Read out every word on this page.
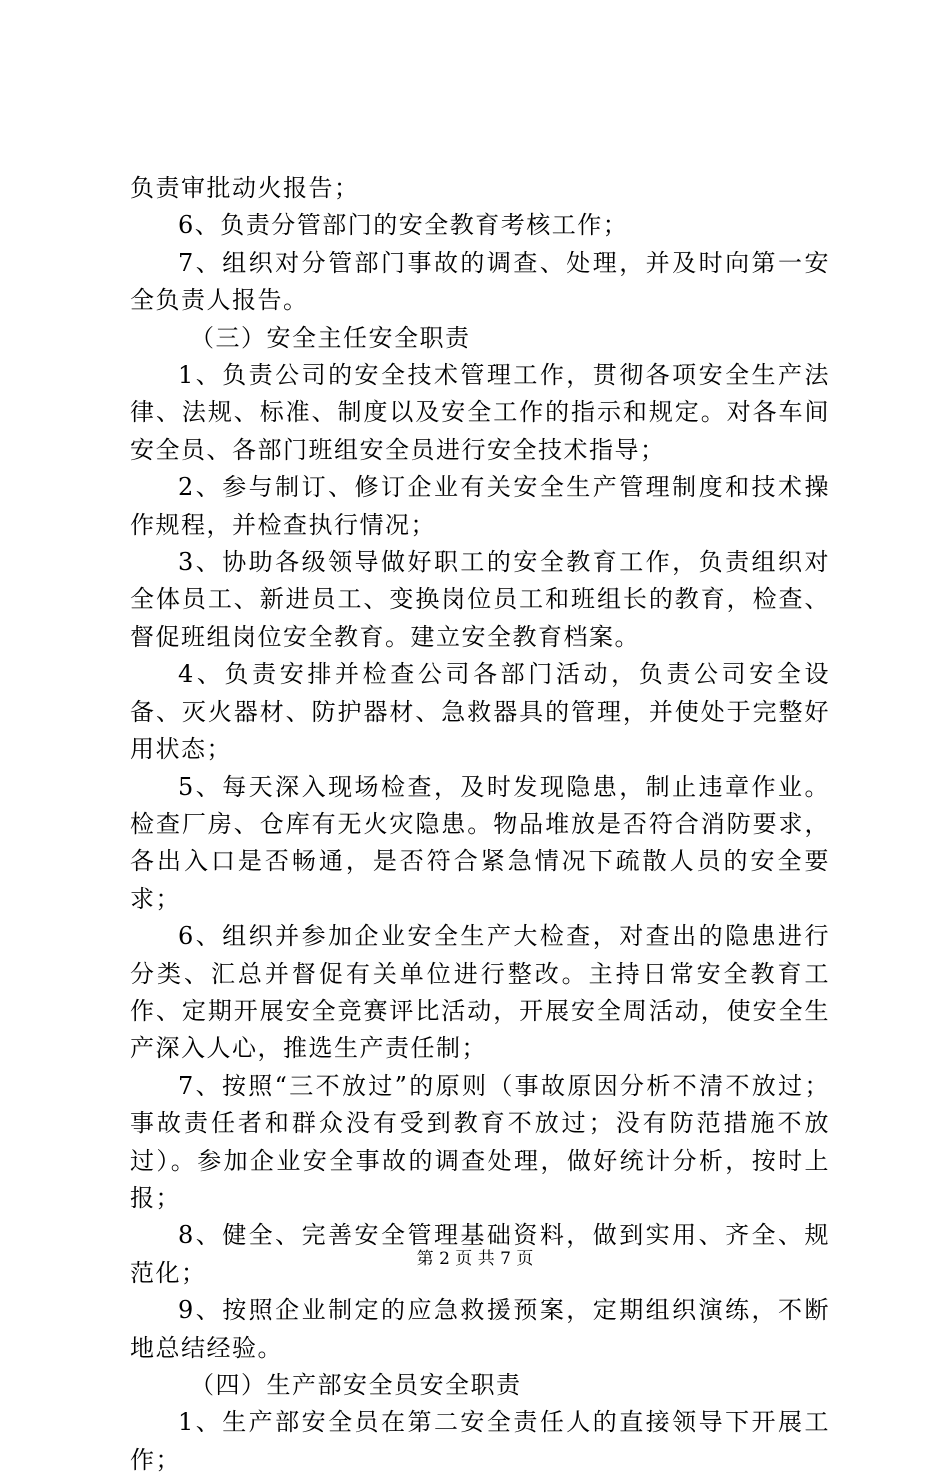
负责审批动火报告；

6、负责分管部门的安全教育考核工作；

7、组织对分管部门事故的调查、处理，并及时向第一安全负责人报告。

（三）安全主任安全职责

1、负责公司的安全技术管理工作，贯彻各项安全生产法律、法规、标准、制度以及安全工作的指示和规定。对各车间安全员、各部门班组安全员进行安全技术指导；

2、参与制订、修订企业有关安全生产管理制度和技术操作规程，并检查执行情况；

3、协助各级领导做好职工的安全教育工作，负责组织对全体员工、新进员工、变换岗位员工和班组长的教育，检查、督促班组岗位安全教育。建立安全教育档案。

4、负责安排并检查公司各部门活动，负责公司安全设备、灭火器材、防护器材、急救器具的管理，并使处于完整好用状态；

5、每天深入现场检查，及时发现隐患，制止违章作业。检查厂房、仓库有无火灾隐患。物品堆放是否符合消防要求，各出入口是否畅通，是否符合紧急情况下疏散人员的安全要求；

6、组织并参加企业安全生产大检查，对查出的隐患进行分类、汇总并督促有关单位进行整改。主持日常安全教育工作、定期开展安全竞赛评比活动，开展安全周活动，使安全生产深入人心，推选生产责任制；

7、按照“三不放过”的原则（事故原因分析不清不放过；事故责任者和群众没有受到教育不放过；没有防范措施不放过）。参加企业安全事故的调查处理，做好统计分析，按时上报；

8、健全、完善安全管理基础资料，做到实用、齐全、规范化；

9、按照企业制定的应急救援预案，定期组织演练，不断地总结经验。

（四）生产部安全员安全职责

1、生产部安全员在第二安全责任人的直接领导下开展工作；

第 2 页 共 7 页
